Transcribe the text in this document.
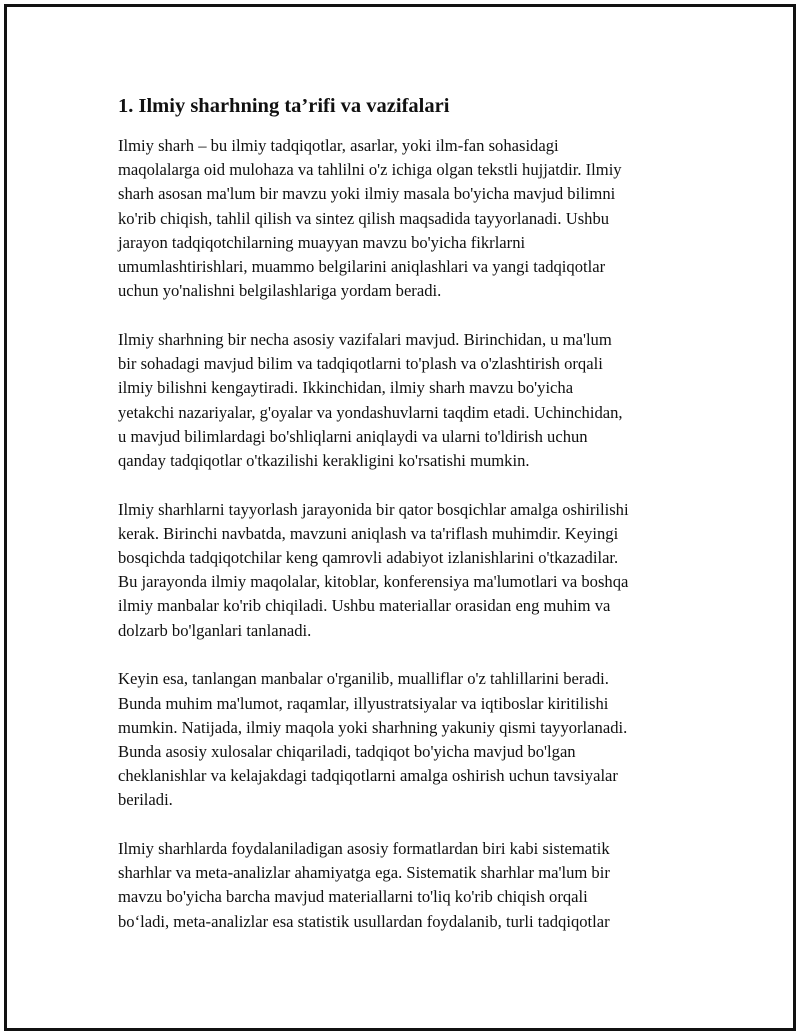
1. Ilmiy sharhning ta’rifi va vazifalari

Ilmiy sharh – bu ilmiy tadqiqotlar, asarlar, yoki ilm-fan sohasidagi
maqolalarga oid mulohaza va tahlilni o'z ichiga olgan tekstli hujjatdir. Ilmiy
sharh asosan ma'lum bir mavzu yoki ilmiy masala bo'yicha mavjud bilimni
ko'rib chiqish, tahlil qilish va sintez qilish maqsadida tayyorlanadi. Ushbu
jarayon tadqiqotchilarning muayyan mavzu bo'yicha fikrlarni
umumlashtirishlari, muammo belgilarini aniqlashlari va yangi tadqiqotlar
uchun yo'nalishni belgilashlariga yordam beradi.

Ilmiy sharhning bir necha asosiy vazifalari mavjud. Birinchidan, u ma'lum
bir sohadagi mavjud bilim va tadqiqotlarni to'plash va o'zlashtirish orqali
ilmiy bilishni kengaytiradi. Ikkinchidan, ilmiy sharh mavzu bo'yicha
yetakchi nazariyalar, g'oyalar va yondashuvlarni taqdim etadi. Uchinchidan,
u mavjud bilimlardagi bo'shliqlarni aniqlaydi va ularni to'ldirish uchun
qanday tadqiqotlar o'tkazilishi kerakligini ko'rsatishi mumkin.

Ilmiy sharhlarni tayyorlash jarayonida bir qator bosqichlar amalga oshirilishi
kerak. Birinchi navbatda, mavzuni aniqlash va ta'riflash muhimdir. Keyingi
bosqichda tadqiqotchilar keng qamrovli adabiyot izlanishlarini o'tkazadilar.
Bu jarayonda ilmiy maqolalar, kitoblar, konferensiya ma'lumotlari va boshqa
ilmiy manbalar ko'rib chiqiladi. Ushbu materiallar orasidan eng muhim va
dolzarb bo'lganlari tanlanadi.

Keyin esa, tanlangan manbalar o'rganilib, mualliflar o'z tahlillarini beradi.
Bunda muhim ma'lumot, raqamlar, illyustratsiyalar va iqtiboslar kiritilishi
mumkin. Natijada, ilmiy maqola yoki sharhning yakuniy qismi tayyorlanadi.
Bunda asosiy xulosalar chiqariladi, tadqiqot bo'yicha mavjud bo'lgan
cheklanishlar va kelajakdagi tadqiqotlarni amalga oshirish uchun tavsiyalar
beriladi.

Ilmiy sharhlarda foydalaniladigan asosiy formatlardan biri kabi sistematik
sharhlar va meta-analizlar ahamiyatga ega. Sistematik sharhlar ma'lum bir
mavzu bo'yicha barcha mavjud materiallarni to'liq ko'rib chiqish orqali
bo‘ladi, meta-analizlar esa statistik usullardan foydalanib, turli tadqiqotlar
